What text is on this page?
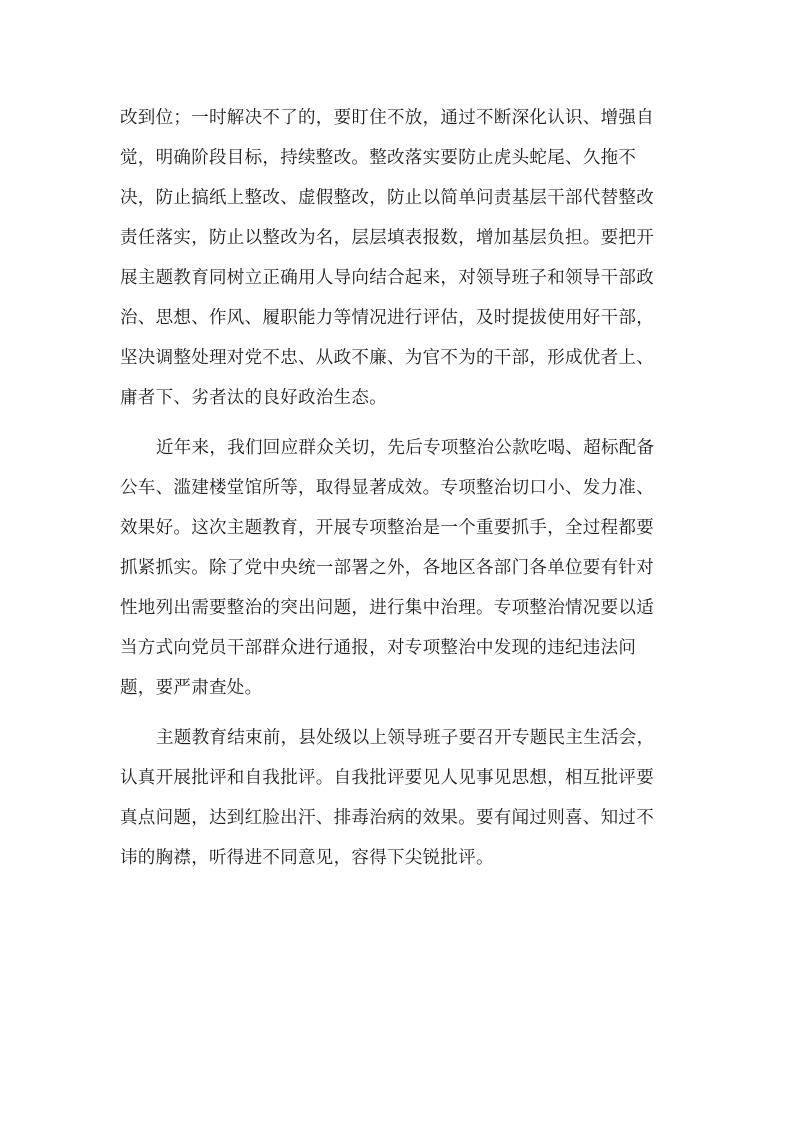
改到位；一时解决不了的，要盯住不放，通过不断深化认识、增强自
觉，明确阶段目标，持续整改。整改落实要防止虎头蛇尾、久拖不
决，防止搞纸上整改、虚假整改，防止以简单问责基层干部代替整改
责任落实，防止以整改为名，层层填表报数，增加基层负担。要把开
展主题教育同树立正确用人导向结合起来，对领导班子和领导干部政
治、思想、作风、履职能力等情况进行评估，及时提拔使用好干部，
坚决调整处理对党不忠、从政不廉、为官不为的干部，形成优者上、
庸者下、劣者汰的良好政治生态。

近年来，我们回应群众关切，先后专项整治公款吃喝、超标配备
公车、滥建楼堂馆所等，取得显著成效。专项整治切口小、发力准、
效果好。这次主题教育，开展专项整治是一个重要抓手，全过程都要
抓紧抓实。除了党中央统一部署之外，各地区各部门各单位要有针对
性地列出需要整治的突出问题，进行集中治理。专项整治情况要以适
当方式向党员干部群众进行通报，对专项整治中发现的违纪违法问
题，要严肃查处。

主题教育结束前，县处级以上领导班子要召开专题民主生活会，
认真开展批评和自我批评。自我批评要见人见事见思想，相互批评要
真点问题，达到红脸出汗、排毒治病的效果。要有闻过则喜、知过不
讳的胸襟，听得进不同意见，容得下尖锐批评。
